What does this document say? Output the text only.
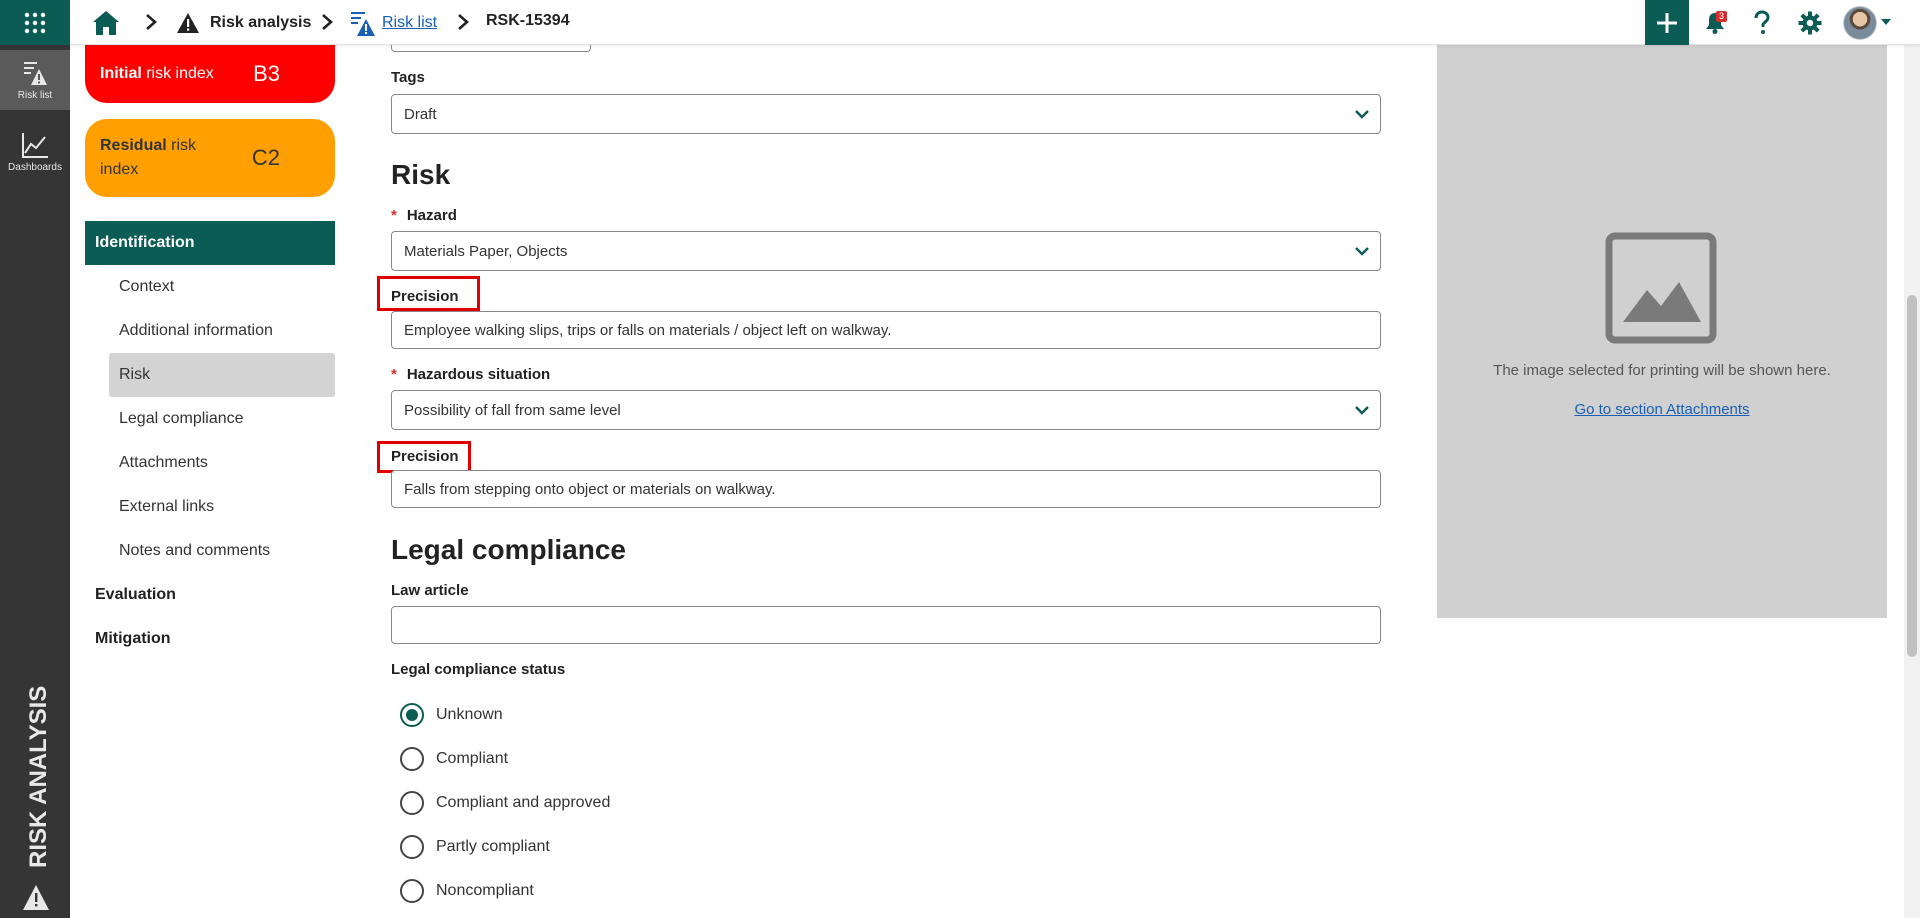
Risk analysis	Risk list	RSK-15394	3
Risk list
Dashboards
RISK ANALYSIS
Initial risk index B3
Residual risk
index	C2
Identification
Context
Additional information
Risk
Legal compliance
Attachments
External links
Notes and comments
Evaluation
Mitigation
Tags
Draft
Risk
* Hazard
Materials Paper, Objects
Precision
Employee walking slips, trips or falls on materials / object left on walkway.
* Hazardous situation
Possibility of fall from same level
Precision
Falls from stepping onto object or materials on walkway.
Legal compliance
Law article
Legal compliance status
Unknown
Compliant
Compliant and approved
Partly compliant
Noncompliant
The image selected for printing will be shown here.
Go to section Attachments
